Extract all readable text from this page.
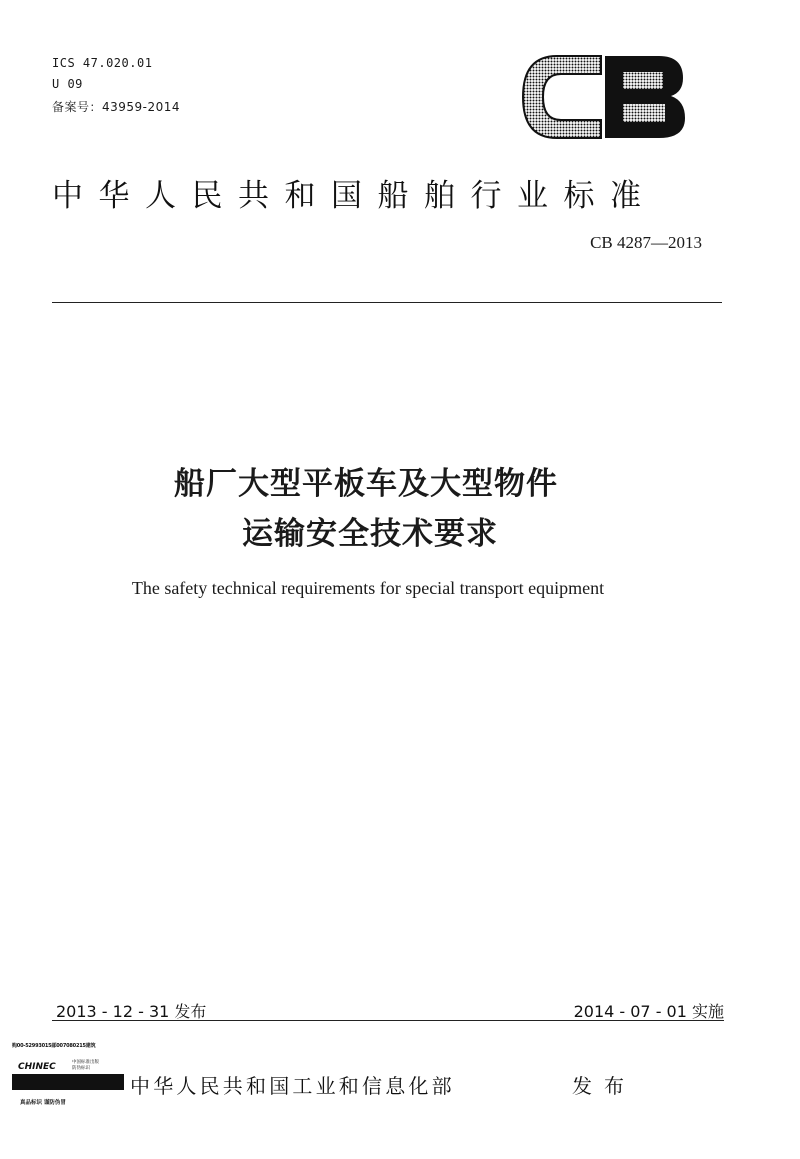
ICS 47.020.01
U 09
备案号：43959-2014
中华人民共和国船舶行业标准
CB 4287—2013
船厂大型平板车及大型物件
运输安全技术要求
The safety technical requirements for special transport equipment
2013 - 12 - 31 发布	2014 - 07 - 01 实施
购00-52993015邮007080215建筑
CHINEC	中国标准出版
防伪标识
真品标识 谨防伪冒
中华人民共和国工业和信息化部	发布
